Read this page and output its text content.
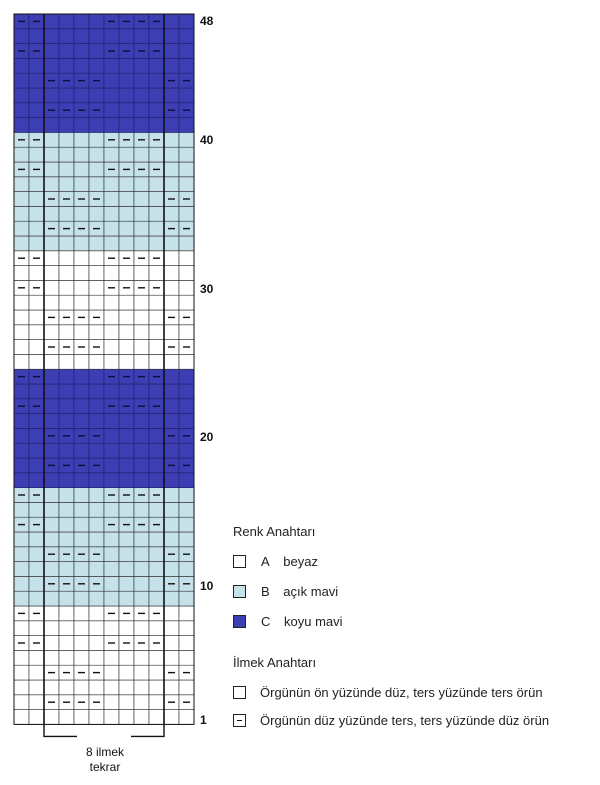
48
40
30
20
10
1
8 ilmek
tekrar
Renk Anahtarı
A beyaz
B açık mavi
C koyu mavi
İlmek Anahtarı
Örgünün ön yüzünde düz, ters yüzünde ters örün
Örgünün düz yüzünde ters, ters yüzünde düz örün
